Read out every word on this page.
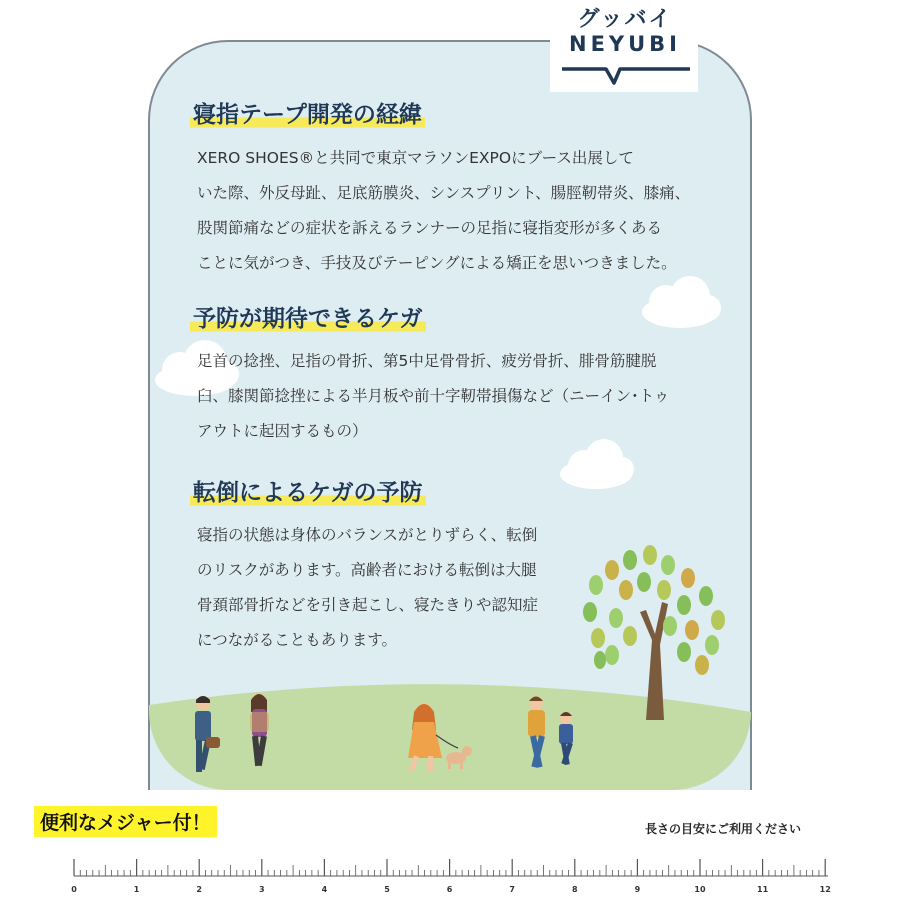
グッバイ
NEYUBI
寝指テープ開発の経緯
XERO SHOES®と共同で東京マラソンEXPOにブース出展して
いた際、外反母趾、足底筋膜炎、シンスプリント、腸脛靭帯炎、膝痛、
股関節痛などの症状を訴えるランナーの足指に寝指変形が多くある
ことに気がつき、手技及びテーピングによる矯正を思いつきました。
予防が期待できるケガ
足首の捻挫、足指の骨折、第5中足骨骨折、疲労骨折、腓骨筋腱脱
臼、膝関節捻挫による半月板や前十字靭帯損傷など（ニーイン･トゥ
アウトに起因するもの）
転倒によるケガの予防
寝指の状態は身体のバランスがとりずらく、転倒
のリスクがあります。高齢者における転倒は大腿
骨頚部骨折などを引き起こし、寝たきりや認知症
につながることもあります。
便利なメジャー付！	長さの目安にご利用ください
0	1	2	3	4	5	6	7	8	9	10	11	12
